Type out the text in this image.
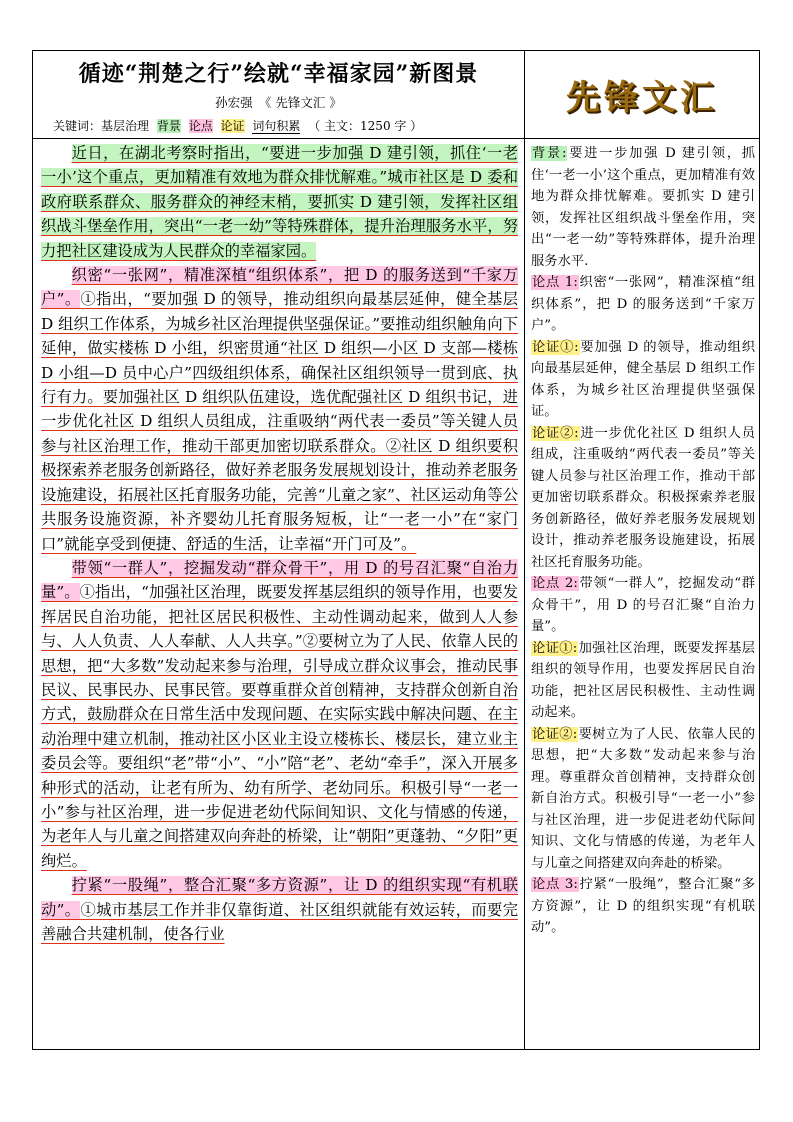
循迹“荆楚之行”绘就“幸福家园”新图景
孙宏强　《 先锋文汇 》
关键词：基层治理 背景 论点 论证 词句积累 （ 主文：1250 字 ）
先锋文汇

近日，在湖北考察时指出，“要进一步加强 D 建引领，抓住‘一老一小’这个重点，更加精准有效地为群众排忧解难。”城市社区是 D 委和政府联系群众、服务群众的神经末梢，要抓实 D 建引领，发挥社区组织战斗堡垒作用，突出“一老一幼”等特殊群体，提升治理服务水平，努力把社区建设成为人民群众的幸福家园。

织密“一张网”，精准深植“组织体系”，把 D 的服务送到“千家万户”。①指出，“要加强 D 的领导，推动组织向最基层延伸，健全基层 D 组织工作体系，为城乡社区治理提供坚强保证。”要推动组织触角向下延伸，做实楼栋 D 小组，织密贯通“社区 D 组织—小区 D 支部—楼栋 D 小组—D 员中心户”四级组织体系，确保社区组织领导一贯到底、执行有力。要加强社区 D 组织队伍建设，选优配强社区 D 组织书记，进一步优化社区 D 组织人员组成，注重吸纳“两代表一委员”等关键人员参与社区治理工作，推动干部更加密切联系群众。②社区 D 组织要积极探索养老服务创新路径，做好养老服务发展规划设计，推动养老服务设施建设，拓展社区托育服务功能，完善“儿童之家”、社区运动角等公共服务设施资源，补齐婴幼儿托育服务短板，让“一老一小”在“家门口”就能享受到便捷、舒适的生活，让幸福“开门可及”。

带领“一群人”，挖掘发动“群众骨干”，用 D 的号召汇聚“自治力量”。①指出，“加强社区治理，既要发挥基层组织的领导作用，也要发挥居民自治功能，把社区居民积极性、主动性调动起来，做到人人参与、人人负责、人人奉献、人人共享。”②要树立为了人民、依靠人民的思想，把“大多数”发动起来参与治理，引导成立群众议事会，推动民事民议、民事民办、民事民管。要尊重群众首创精神，支持群众创新自治方式，鼓励群众在日常生活中发现问题、在实际实践中解决问题、在主动治理中建立机制，推动社区小区业主设立楼栋长、楼层长，建立业主委员会等。要组织“老”带“小”、“小”陪“老”、老幼“牵手”，深入开展多种形式的活动，让老有所为、幼有所学、老幼同乐。积极引导“一老一小”参与社区治理，进一步促进老幼代际间知识、文化与情感的传递，为老年人与儿童之间搭建双向奔赴的桥梁，让“朝阳”更蓬勃、“夕阳”更绚烂。

拧紧“一股绳”，整合汇聚“多方资源”，让 D 的组织实现“有机联动”。①城市基层工作并非仅靠街道、社区组织就能有效运转，而要完善融合共建机制，使各行业

背景:要进一步加强 D 建引领，抓住‘一老一小’这个重点，更加精准有效地为群众排忧解难。要抓实 D 建引领，发挥社区组织战斗堡垒作用，突出“一老一幼”等特殊群体，提升治理服务水平.

论点 1:织密“一张网”，精准深植“组织体系”，把 D 的服务送到“千家万户”。

论证①:要加强 D 的领导，推动组织向最基层延伸，健全基层 D 组织工作体系，为城乡社区治理提供坚强保证。

论证②:进一步优化社区 D 组织人员组成，注重吸纳“两代表一委员”等关键人员参与社区治理工作，推动干部更加密切联系群众。积极探索养老服务创新路径，做好养老服务发展规划设计，推动养老服务设施建设，拓展社区托育服务功能。

论点 2:带领“一群人”，挖掘发动“群众骨干”，用 D 的号召汇聚“自治力量”。

论证①:加强社区治理，既要发挥基层组织的领导作用，也要发挥居民自治功能，把社区居民积极性、主动性调动起来。

论证②:要树立为了人民、依靠人民的思想，把“大多数”发动起来参与治理。尊重群众首创精神，支持群众创新自治方式。积极引导“一老一小”参与社区治理，进一步促进老幼代际间知识、文化与情感的传递，为老年人与儿童之间搭建双向奔赴的桥梁。

论点 3:拧紧“一股绳”，整合汇聚“多方资源”，让 D 的组织实现“有机联动”。
